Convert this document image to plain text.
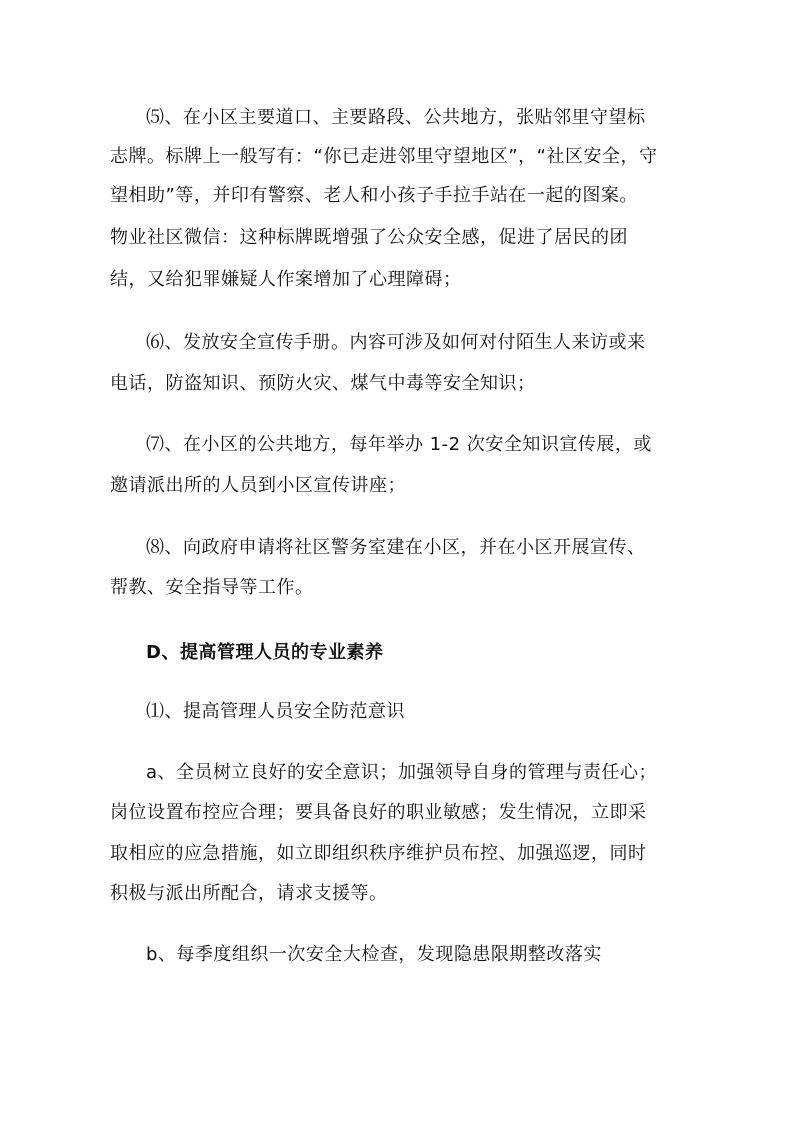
⑸、在小区主要道口、主要路段、公共地方，张贴邻里守望标
志牌。标牌上一般写有：“你已走进邻里守望地区”，“社区安全，守
望相助”等，并印有警察、老人和小孩子手拉手站在一起的图案。
物业社区微信：这种标牌既增强了公众安全感，促进了居民的团
结，又给犯罪嫌疑人作案增加了心理障碍；
⑹、发放安全宣传手册。内容可涉及如何对付陌生人来访或来
电话，防盗知识、预防火灾、煤气中毒等安全知识；
⑺、在小区的公共地方，每年举办 1-2 次安全知识宣传展，或
邀请派出所的人员到小区宣传讲座；
⑻、向政府申请将社区警务室建在小区，并在小区开展宣传、
帮教、安全指导等工作。
D、提高管理人员的专业素养
⑴、提高管理人员安全防范意识
a、全员树立良好的安全意识；加强领导自身的管理与责任心；
岗位设置布控应合理；要具备良好的职业敏感；发生情况，立即采
取相应的应急措施，如立即组织秩序维护员布控、加强巡逻，同时
积极与派出所配合，请求支援等。
b、每季度组织一次安全大检查，发现隐患限期整改落实
